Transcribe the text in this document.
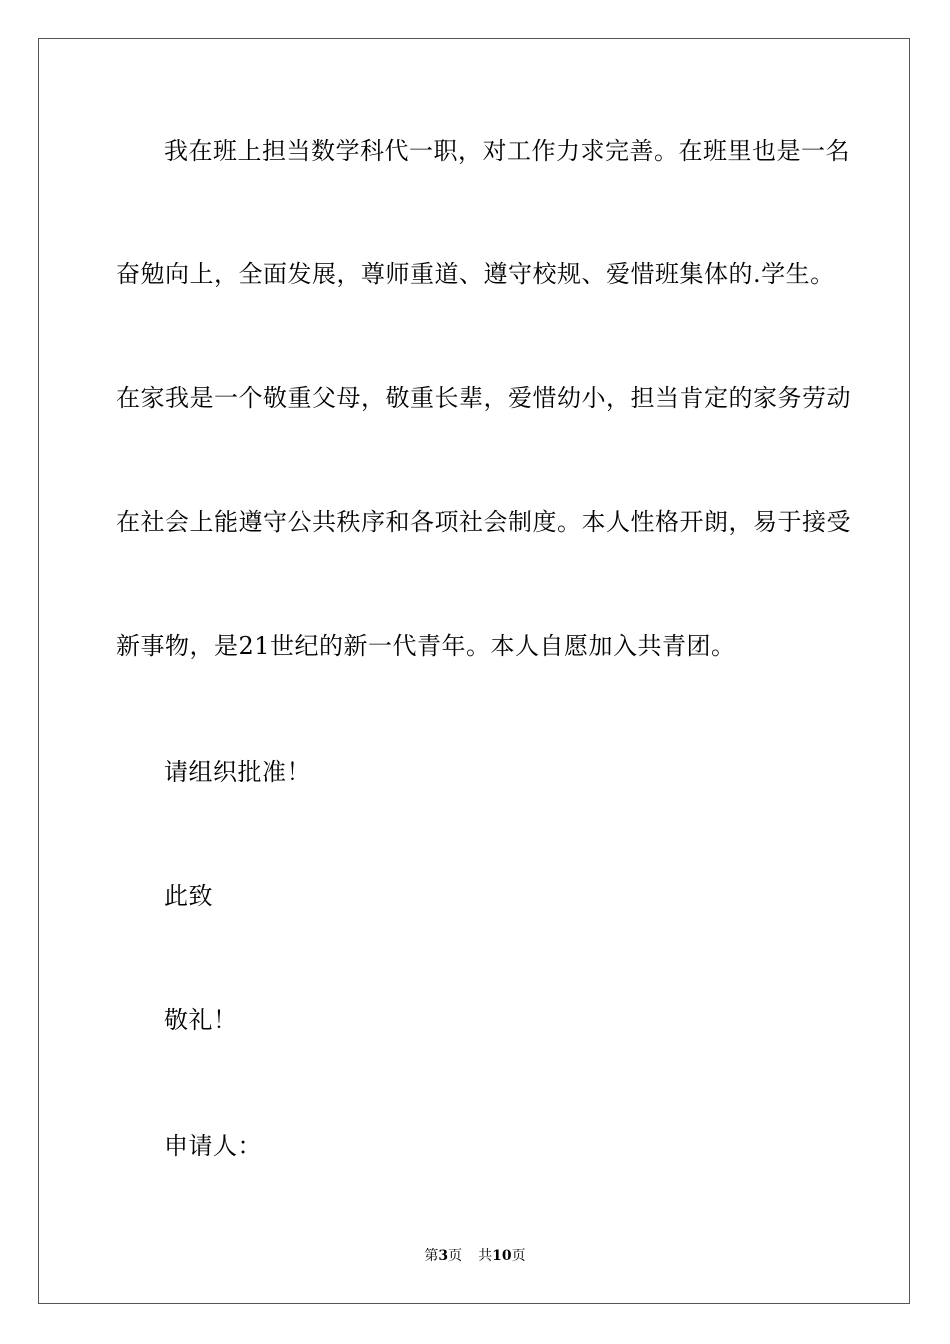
我在班上担当数学科代一职，对工作力求完善。在班里也是一名
奋勉向上，全面发展，尊师重道、遵守校规、爱惜班集体的.学生。
在家我是一个敬重父母，敬重长辈，爱惜幼小，担当肯定的家务劳动
在社会上能遵守公共秩序和各项社会制度。本人性格开朗，易于接受
新事物，是21世纪的新一代青年。本人自愿加入共青团。
请组织批准！
此致
敬礼！
申请人：
第3页 共10页
